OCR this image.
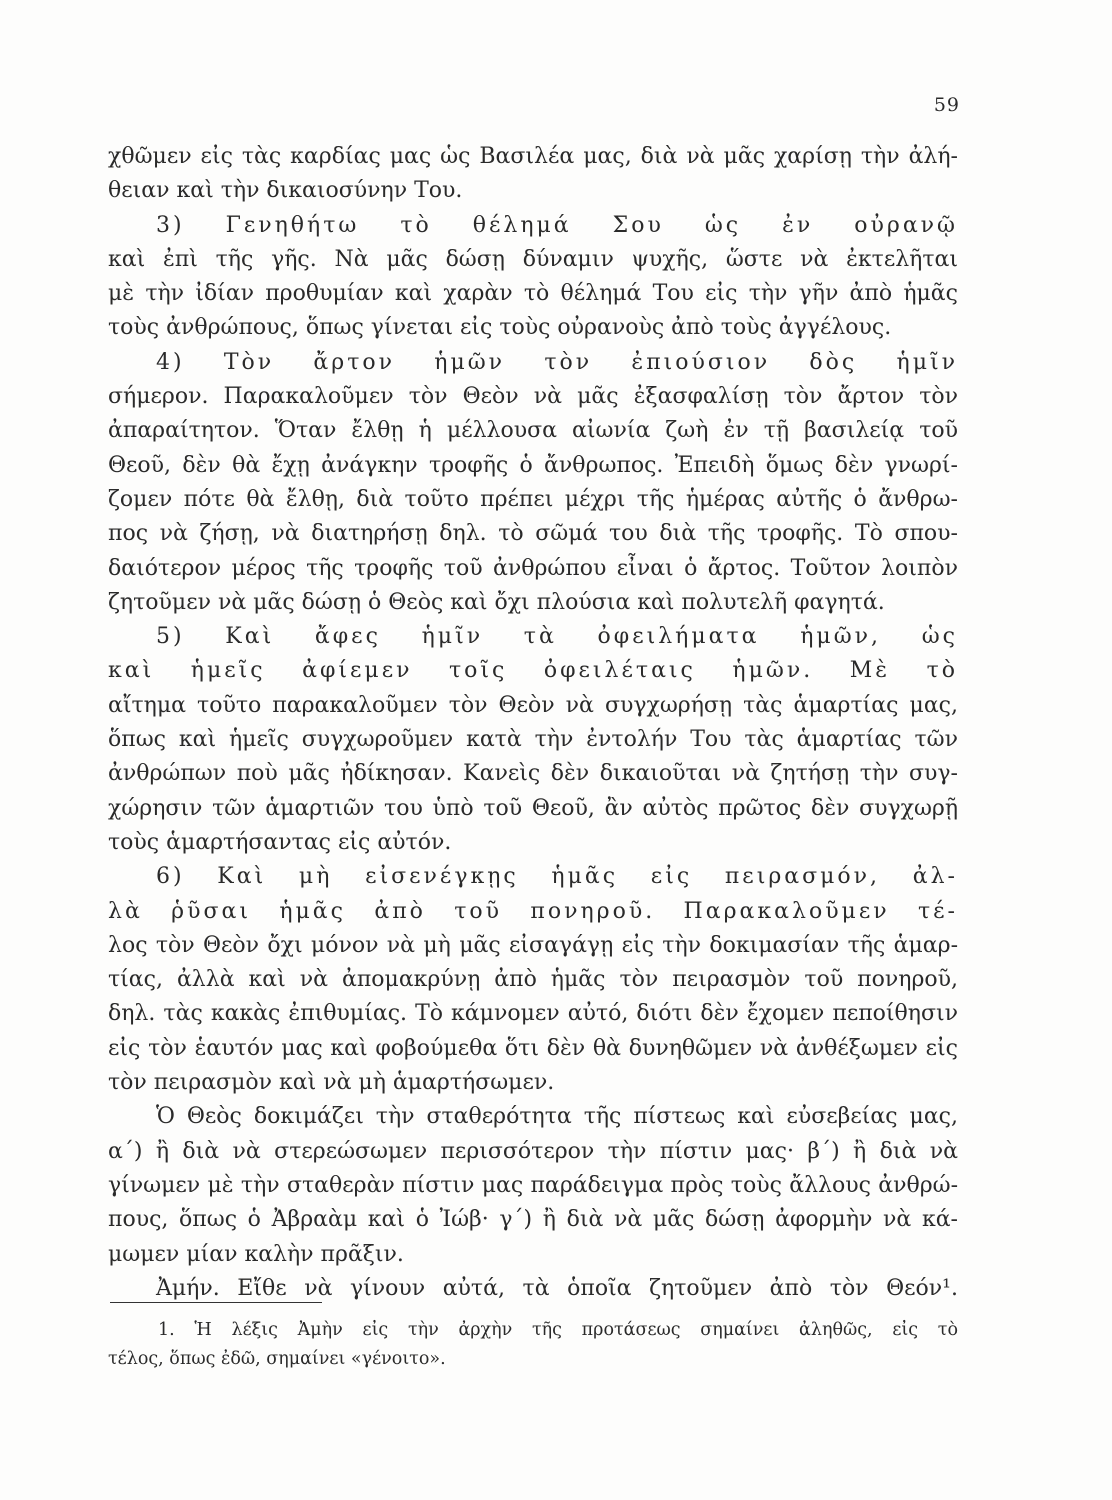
59
χθῶμεν εἰς τὰς καρδίας μας ὡς Βασιλέα μας, διὰ νὰ μᾶς χαρίσῃ τὴν ἀλή-
θειαν καὶ τὴν δικαιοσύνην Του.
3) Γενηθήτω τὸ θέλημά Σου ὡς ἐν οὐρανῷ
καὶ ἐπὶ τῆς γῆς. Νὰ μᾶς δώσῃ δύναμιν ψυχῆς, ὥστε νὰ ἐκτελῆται
μὲ τὴν ἰδίαν προθυμίαν καὶ χαρὰν τὸ θέλημά Του εἰς τὴν γῆν ἀπὸ ἡμᾶς
τοὺς ἀνθρώπους, ὅπως γίνεται εἰς τοὺς οὐρανοὺς ἀπὸ τοὺς ἀγγέλους.
4) Τὸν ἄρτον ἡμῶν τὸν ἐπιούσιον δὸς ἡμῖν
σήμερον. Παρακαλοῦμεν τὸν Θεὸν νὰ μᾶς ἐξασφαλίσῃ τὸν ἄρτον τὸν
ἀπαραίτητον. Ὅταν ἔλθῃ ἡ μέλλουσα αἰωνία ζωὴ ἐν τῇ βασιλείᾳ τοῦ
Θεοῦ, δὲν θὰ ἔχῃ ἀνάγκην τροφῆς ὁ ἄνθρωπος. Ἐπειδὴ ὅμως δὲν γνωρί-
ζομεν πότε θὰ ἔλθῃ, διὰ τοῦτο πρέπει μέχρι τῆς ἡμέρας αὐτῆς ὁ ἄνθρω-
πος νὰ ζήσῃ, νὰ διατηρήσῃ δηλ. τὸ σῶμά του διὰ τῆς τροφῆς. Τὸ σπου-
δαιότερον μέρος τῆς τροφῆς τοῦ ἀνθρώπου εἶναι ὁ ἄρτος. Τοῦτον λοιπὸν
ζητοῦμεν νὰ μᾶς δώσῃ ὁ Θεὸς καὶ ὄχι πλούσια καὶ πολυτελῆ φαγητά.
5) Καὶ ἄφες ἡμῖν τὰ ὀφειλήματα ἡμῶν, ὡς
καὶ ἡμεῖς ἀφίεμεν τοῖς ὀφειλέταις ἡμῶν. Μὲ τὸ
αἴτημα τοῦτο παρακαλοῦμεν τὸν Θεὸν νὰ συγχωρήσῃ τὰς ἁμαρτίας μας,
ὅπως καὶ ἡμεῖς συγχωροῦμεν κατὰ τὴν ἐντολήν Του τὰς ἁμαρτίας τῶν
ἀνθρώπων ποὺ μᾶς ἠδίκησαν. Κανεὶς δὲν δικαιοῦται νὰ ζητήσῃ τὴν συγ-
χώρησιν τῶν ἁμαρτιῶν του ὑπὸ τοῦ Θεοῦ, ἂν αὐτὸς πρῶτος δὲν συγχωρῇ
τοὺς ἁμαρτήσαντας εἰς αὐτόν.
6) Καὶ μὴ εἰσενέγκῃς ἡμᾶς εἰς πειρασμόν, ἀλ-
λὰ ῥῦσαι ἡμᾶς ἀπὸ τοῦ πονηροῦ. Παρακαλοῦμεν τέ-
λος τὸν Θεὸν ὄχι μόνον νὰ μὴ μᾶς εἰσαγάγῃ εἰς τὴν δοκιμασίαν τῆς ἁμαρ-
τίας, ἀλλὰ καὶ νὰ ἀπομακρύνῃ ἀπὸ ἡμᾶς τὸν πειρασμὸν τοῦ πονηροῦ,
δηλ. τὰς κακὰς ἐπιθυμίας. Τὸ κάμνομεν αὐτό, διότι δὲν ἔχομεν πεποίθησιν
εἰς τὸν ἑαυτόν μας καὶ φοβούμεθα ὅτι δὲν θὰ δυνηθῶμεν νὰ ἀνθέξωμεν εἰς
τὸν πειρασμὸν καὶ νὰ μὴ ἁμαρτήσωμεν.
Ὁ Θεὸς δοκιμάζει τὴν σταθερότητα τῆς πίστεως καὶ εὐσεβείας μας,
α΄) ἢ διὰ νὰ στερεώσωμεν περισσότερον τὴν πίστιν μας· β΄) ἢ διὰ νὰ
γίνωμεν μὲ τὴν σταθερὰν πίστιν μας παράδειγμα πρὸς τοὺς ἄλλους ἀνθρώ-
πους, ὅπως ὁ Ἀβραὰμ καὶ ὁ Ἰώβ· γ΄) ἢ διὰ νὰ μᾶς δώσῃ ἀφορμὴν νὰ κά-
μωμεν μίαν καλὴν πρᾶξιν.
Ἀμήν. Εἴθε νὰ γίνουν αὐτά, τὰ ὁποῖα ζητοῦμεν ἀπὸ τὸν Θεόν¹.
1. Ἡ λέξις Ἀμὴν εἰς τὴν ἀρχὴν τῆς προτάσεως σημαίνει ἀληθῶς, εἰς τὸ
τέλος, ὅπως ἐδῶ, σημαίνει «γένοιτο».
